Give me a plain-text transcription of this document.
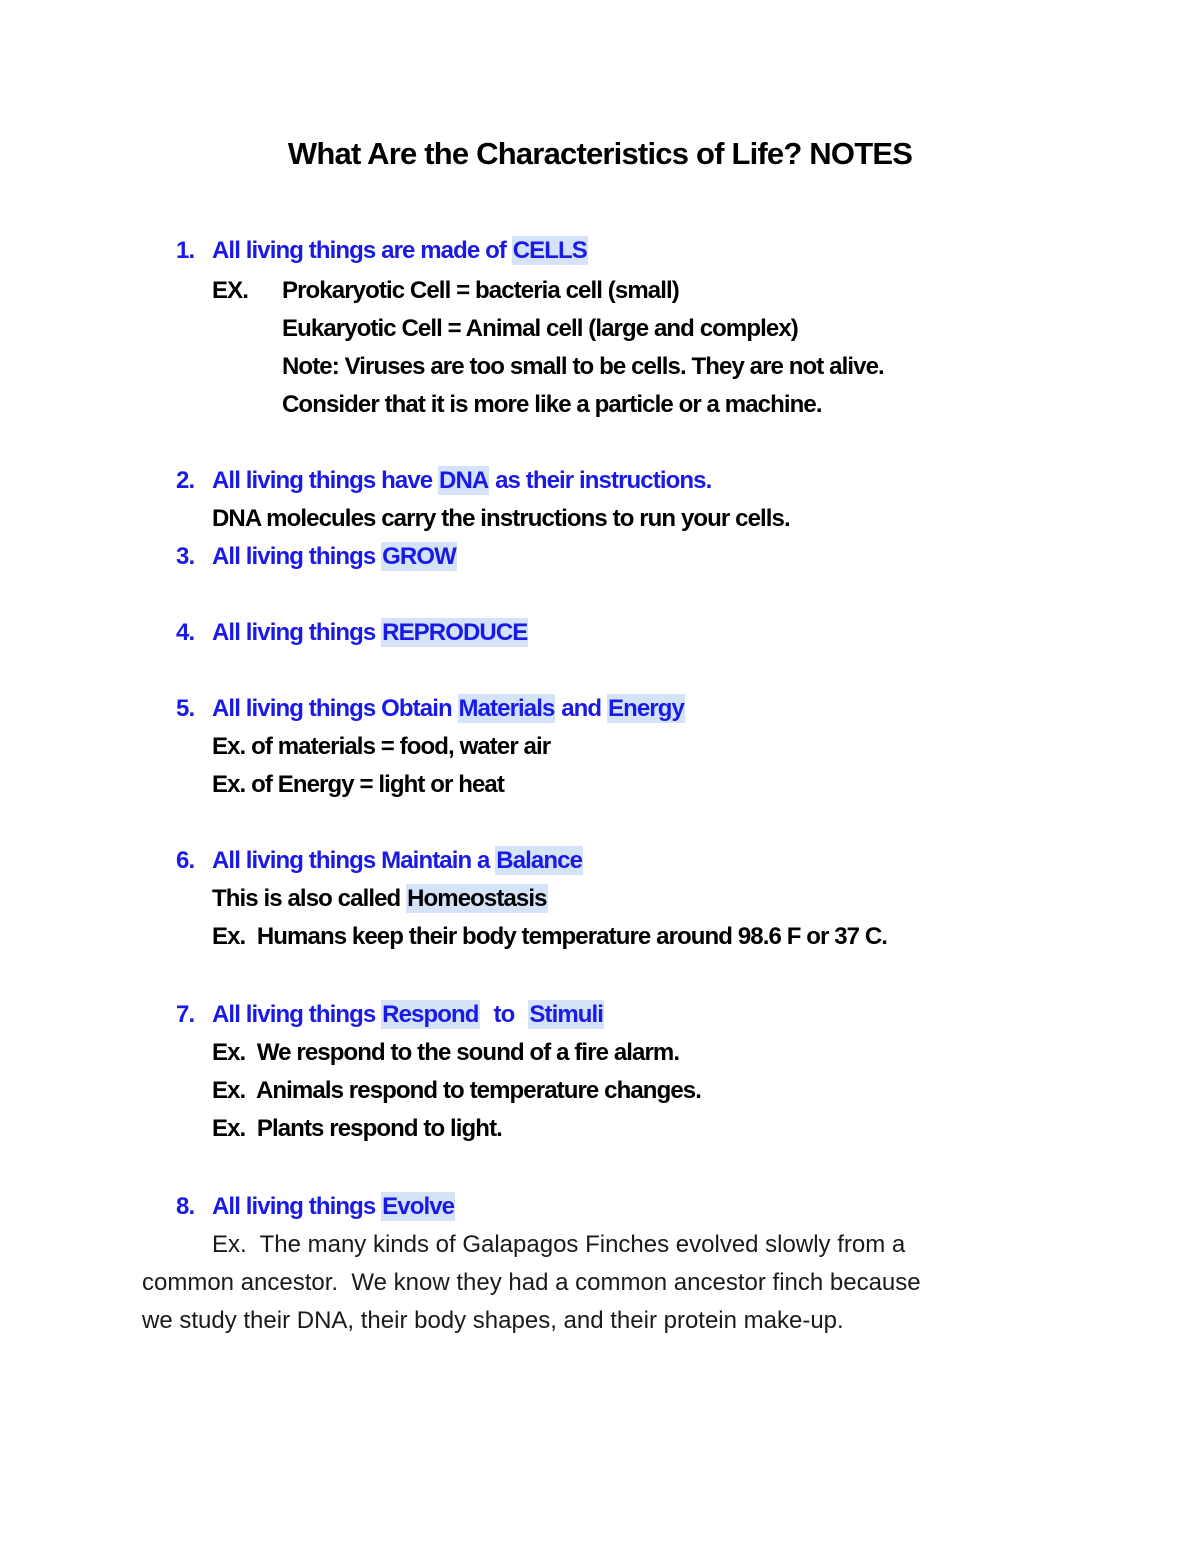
What Are the Characteristics of Life? NOTES
1. All living things are made of CELLS
EX. Prokaryotic Cell = bacteria cell (small)
Eukaryotic Cell = Animal cell (large and complex)
Note: Viruses are too small to be cells. They are not alive.
Consider that it is more like a particle or a machine.
2. All living things have DNA as their instructions.
DNA molecules carry the instructions to run your cells.
3. All living things GROW
4. All living things REPRODUCE
5. All living things Obtain Materials and Energy
Ex. of materials = food, water air
Ex. of Energy = light or heat
6. All living things Maintain a Balance
This is also called Homeostasis
Ex.  Humans keep their body temperature around 98.6 F or 37 C.
7. All living things Respond to Stimuli
Ex.  We respond to the sound of a fire alarm.
Ex.  Animals respond to temperature changes.
Ex.  Plants respond to light.
8. All living things Evolve
Ex.  The many kinds of Galapagos Finches evolved slowly from a
common ancestor.  We know they had a common ancestor finch because
we study their DNA, their body shapes, and their protein make-up.
